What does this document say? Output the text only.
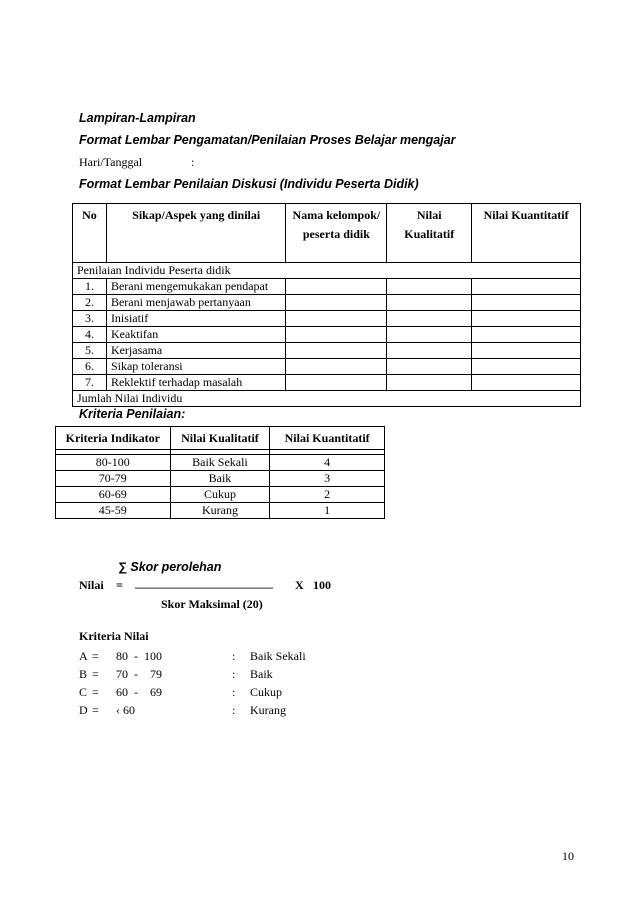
Lampiran-Lampiran
Format Lembar Pengamatan/Penilaian Proses Belajar mengajar
Hari/Tanggal	:
Format Lembar Penilaian Diskusi (Individu Peserta Didik)
No	Sikap/Aspek yang dinilai	Nama kelompok/ peserta didik	Nilai Kualitatif	Nilai Kuantitatif
Penilaian Individu Peserta didik				
1.	Berani mengemukakan pendapat			
2.	Berani menjawab pertanyaan			
3.	Inisiatif			
4.	Keaktifan			
5.	Kerjasama			
6.	Sikap toleransi			
7.	Reklektif terhadap masalah			
Jumlah Nilai Individu				
Kriteria Penilaian:
Kriteria Indikator	Nilai Kualitatif	Nilai Kuantitatif

80-100	Baik Sekali	4
70-79	Baik	3
60-69	Cukup	2
45-59	Kurang	1
∑ Skor perolehan
Nilai = _______________________ X 100
Skor Maksimal (20)
Kriteria Nilai
A = 80  -  100	: Baik Sekali
B = 70  -    79	: Baik
C = 60  -    69	: Cukup
D = ‹ 60	: Kurang
10
